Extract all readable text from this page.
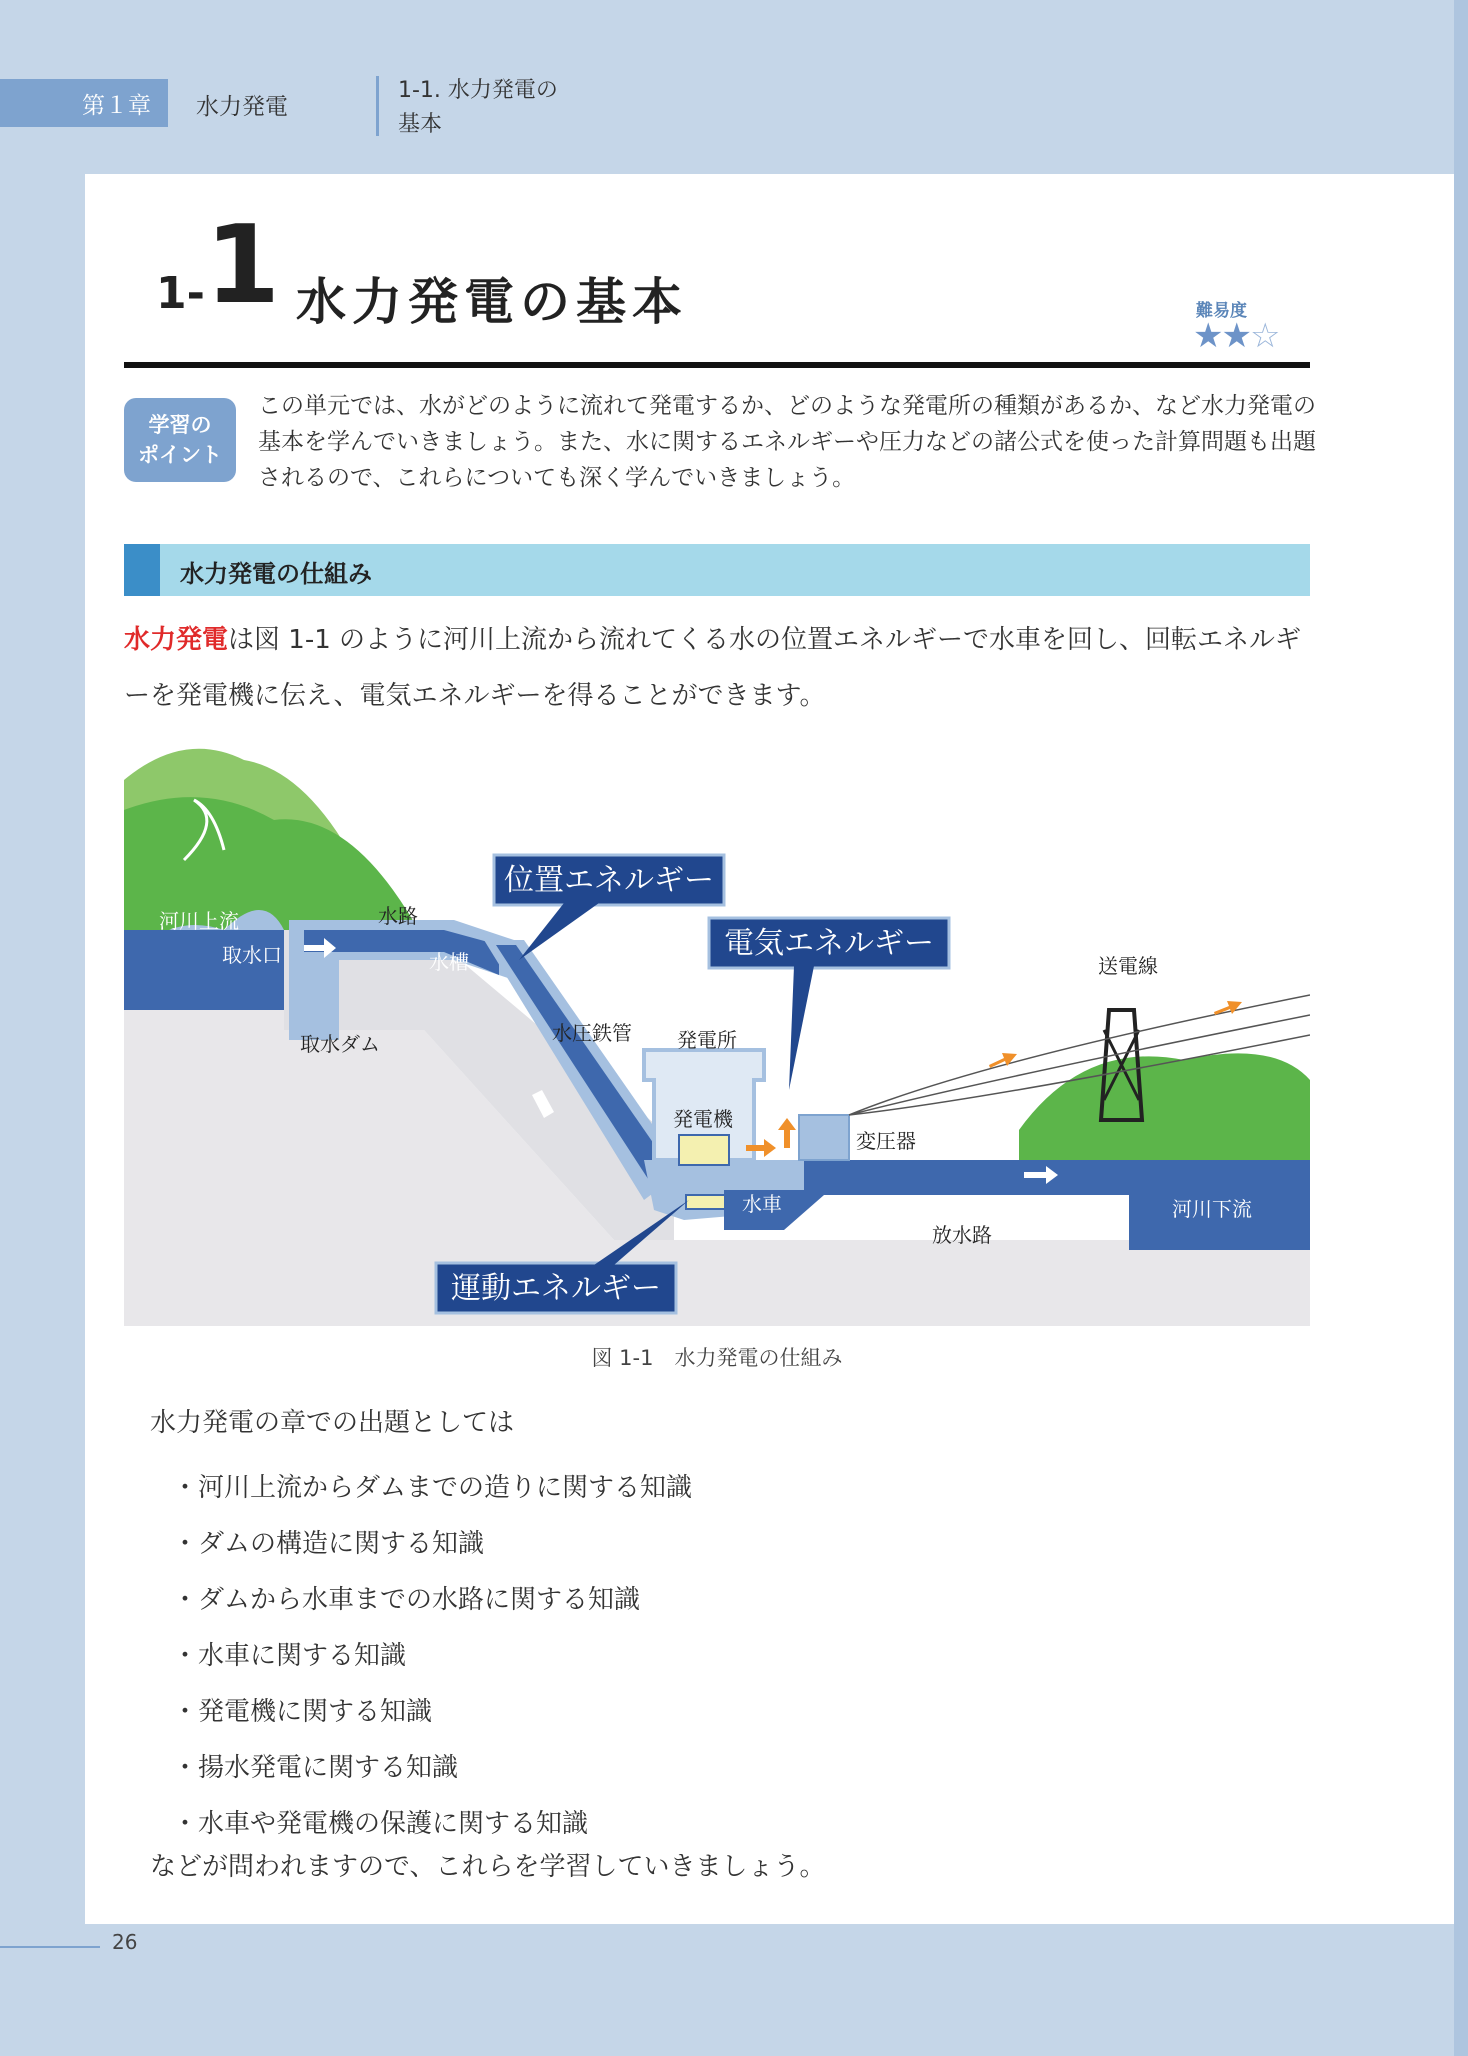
第１章	水力発電
1-1. 水力発電の
基本
1- 1 水力発電の基本	難易度
★★☆
学習の
ポイント
この単元では、水がどのように流れて発電するか、どのような発電所の種類があるか、など水力発電の基本を学んでいきましょう。また、水に関するエネルギーや圧力などの諸公式を使った計算問題も出題されるので、これらについても深く学んでいきましょう。
水力発電の仕組み
水力発電は図 1-1 のように河川上流から流れてくる水の位置エネルギーで水車を回し、回転エネルギーを発電機に伝え、電気エネルギーを得ることができます。
位置エネルギー
電気エネルギー
運動エネルギー
河川上流
取水口
水路
水槽
取水ダム	水圧鉄管 発電所
発電機
水車
変圧器
送電線
放水路
河川下流
図 1-1　水力発電の仕組み
水力発電の章での出題としては
・河川上流からダムまでの造りに関する知識
・ダムの構造に関する知識
・ダムから水車までの水路に関する知識
・水車に関する知識
・発電機に関する知識
・揚水発電に関する知識
・水車や発電機の保護に関する知識
などが問われますので、これらを学習していきましょう。
26
